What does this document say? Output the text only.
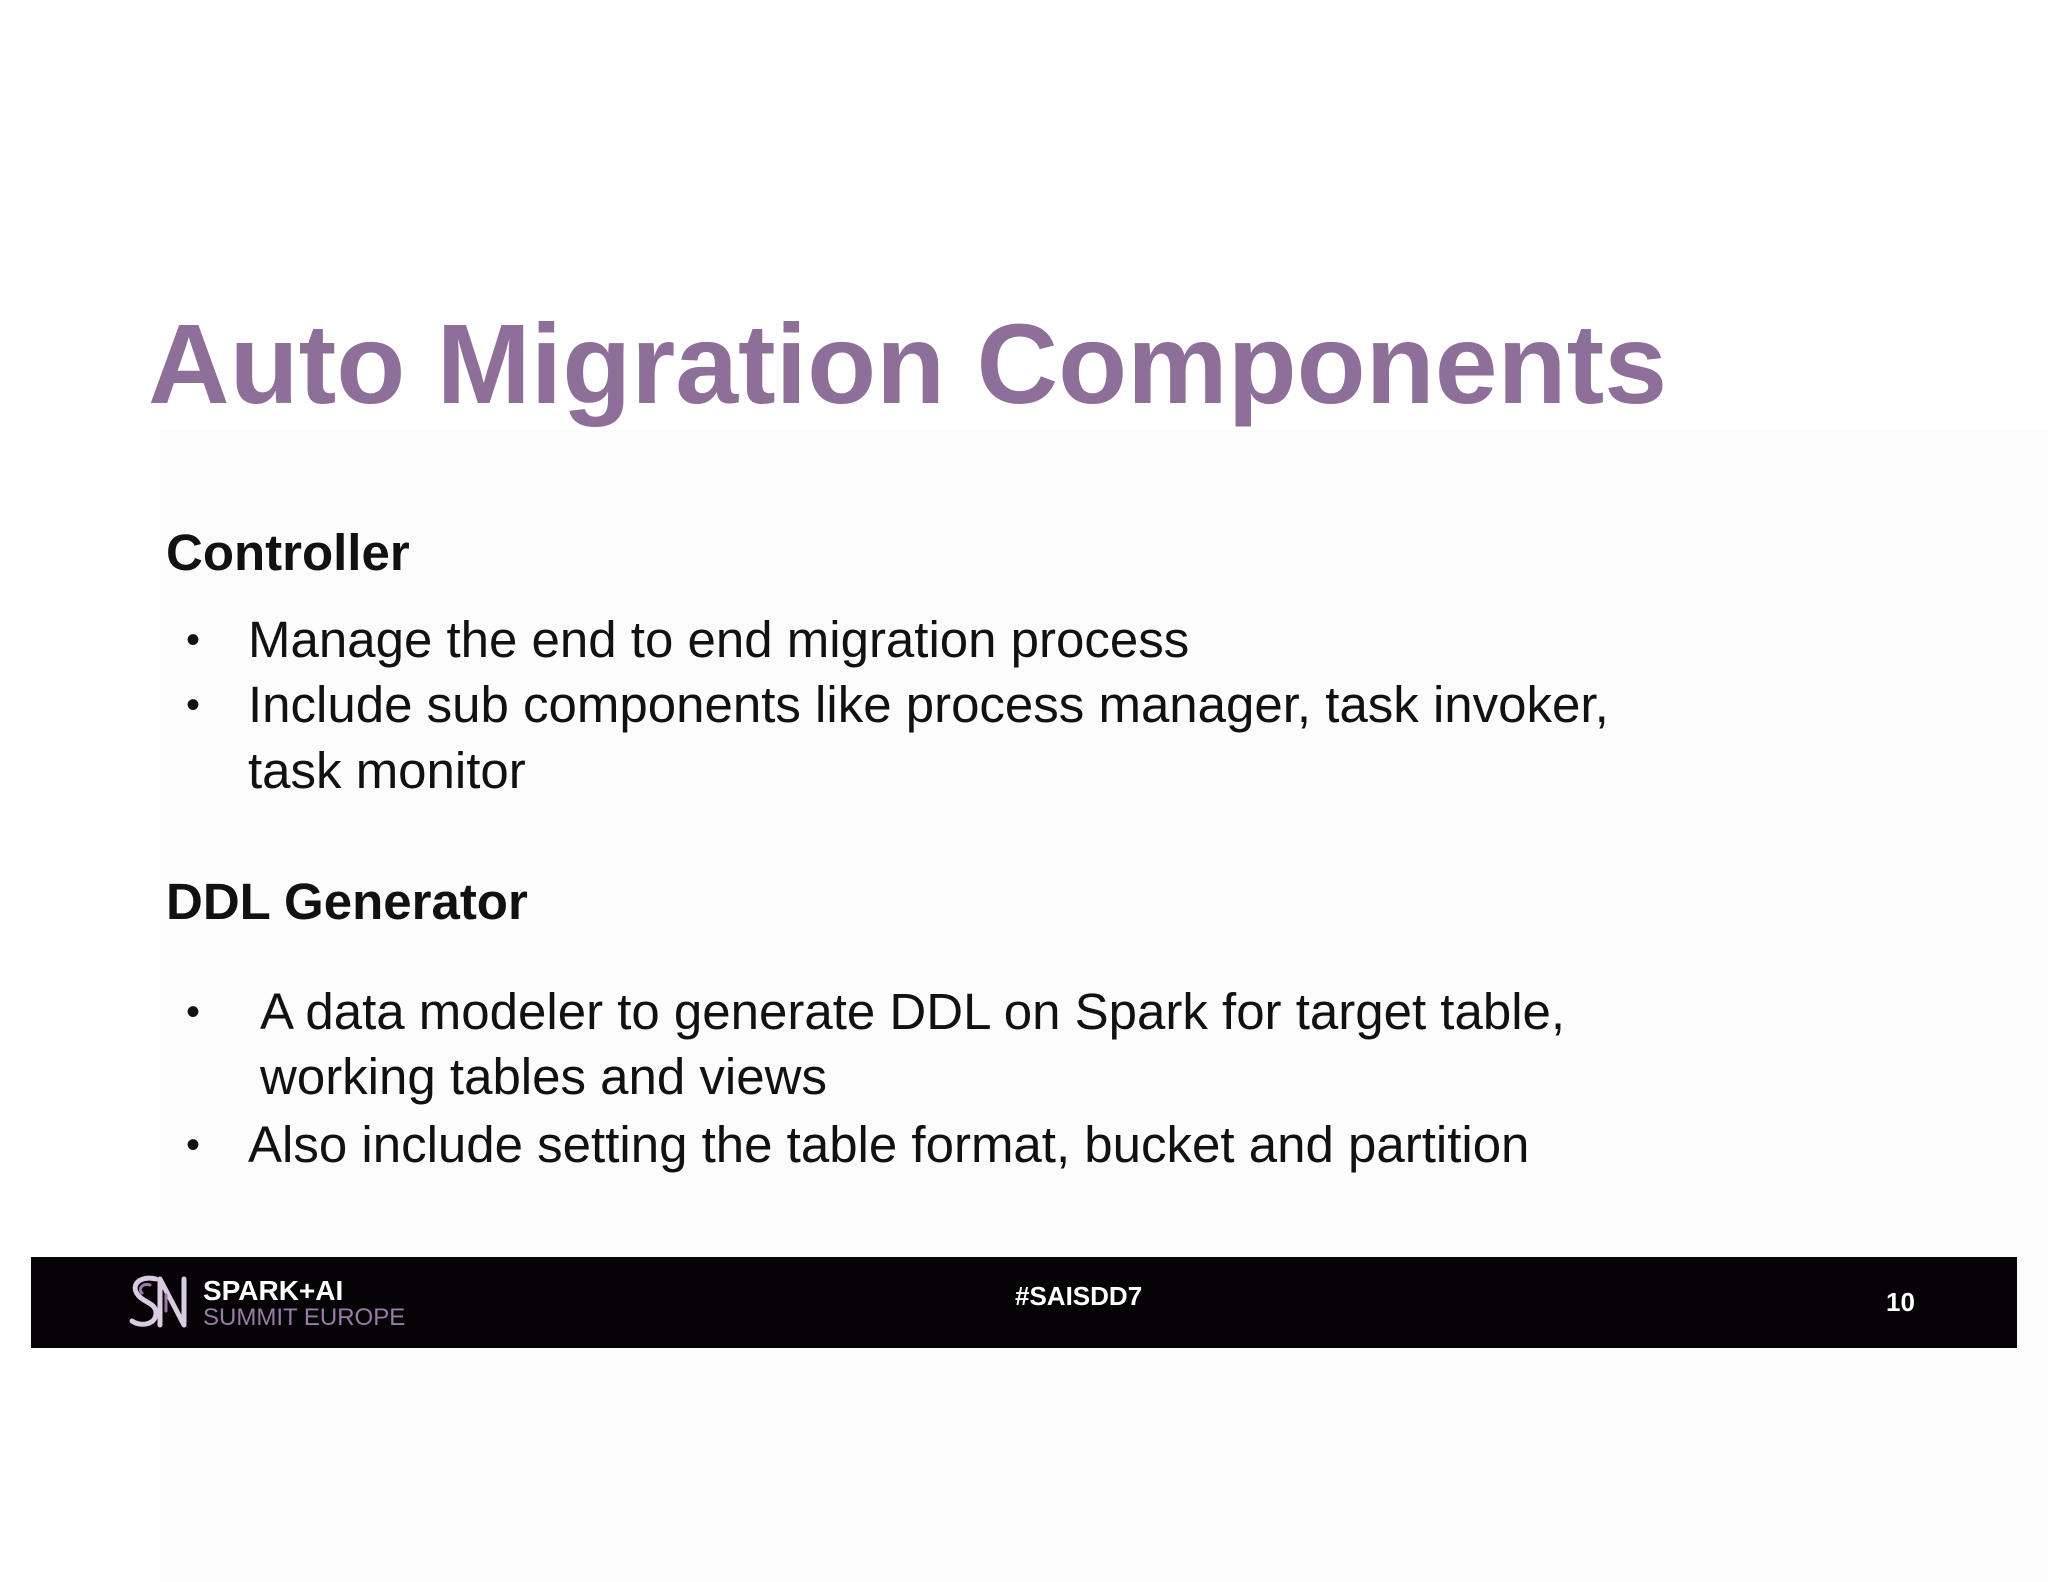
Auto Migration Components
Controller
• Manage the end to end migration process
• Include sub components like process manager, task invoker,
task monitor
DDL Generator
• A data modeler to generate DDL on Spark for target table,
working tables and views
• Also include setting the table format, bucket and partition
SPARK+AI
SUMMIT EUROPE
#SAISDD7	10
